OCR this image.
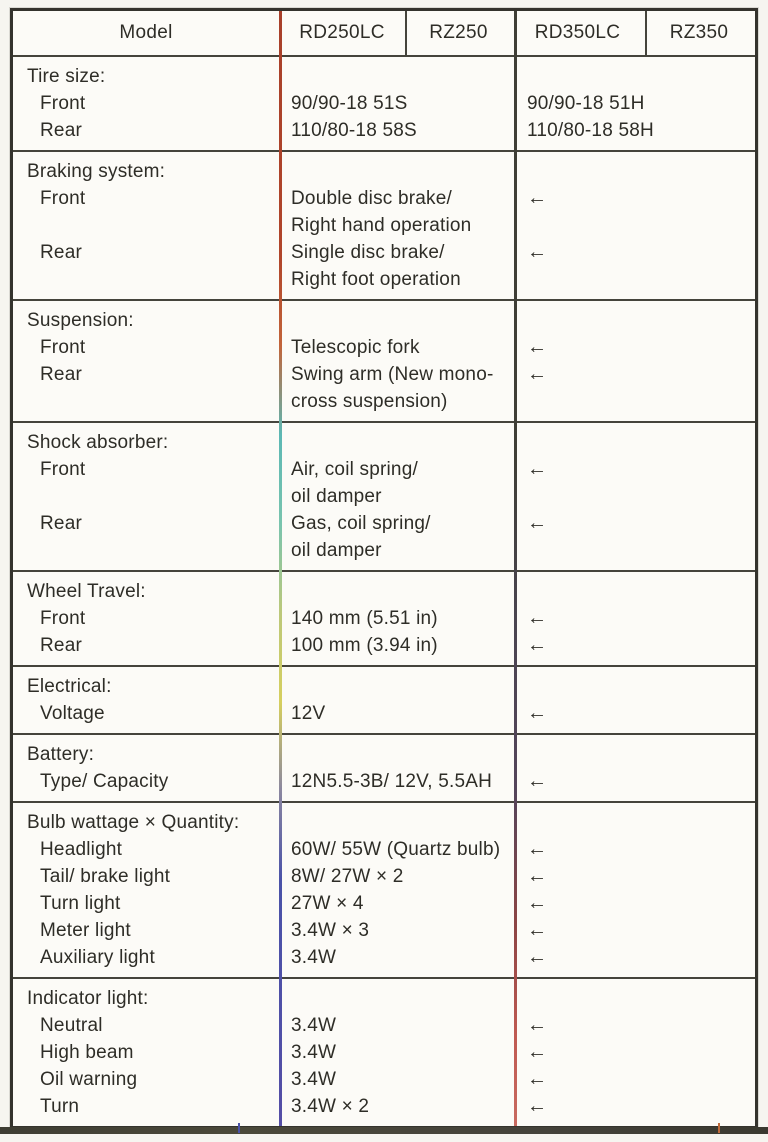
Model	RD250LC	RZ250	RD350LC	RZ350
Tire size:
Front	90/90-18 51S	90/90-18 51H
Rear	110/80-18 58S	110/80-18 58H
Braking system:
Front	Double disc brake/	←
Right hand operation
Rear	Single disc brake/	←
Right foot operation
Suspension:
Front	Telescopic fork	←
Rear	Swing arm (New mono-	←
cross suspension)
Shock absorber:
Front	Air, coil spring/	←
oil damper
Rear	Gas, coil spring/	←
oil damper
Wheel Travel:
Front	140 mm (5.51 in)	←
Rear	100 mm (3.94 in)	←
Electrical:
Voltage	12V	←
Battery:
Type/ Capacity	12N5.5-3B/ 12V, 5.5AH	←
Bulb wattage × Quantity:
Headlight	60W/ 55W (Quartz bulb)	←
Tail/ brake light	8W/ 27W × 2	←
Turn light	27W × 4	←
Meter light	3.4W × 3	←
Auxiliary light	3.4W	←
Indicator light:
Neutral	3.4W	←
High beam	3.4W	←
Oil warning	3.4W	←
Turn	3.4W × 2	←
